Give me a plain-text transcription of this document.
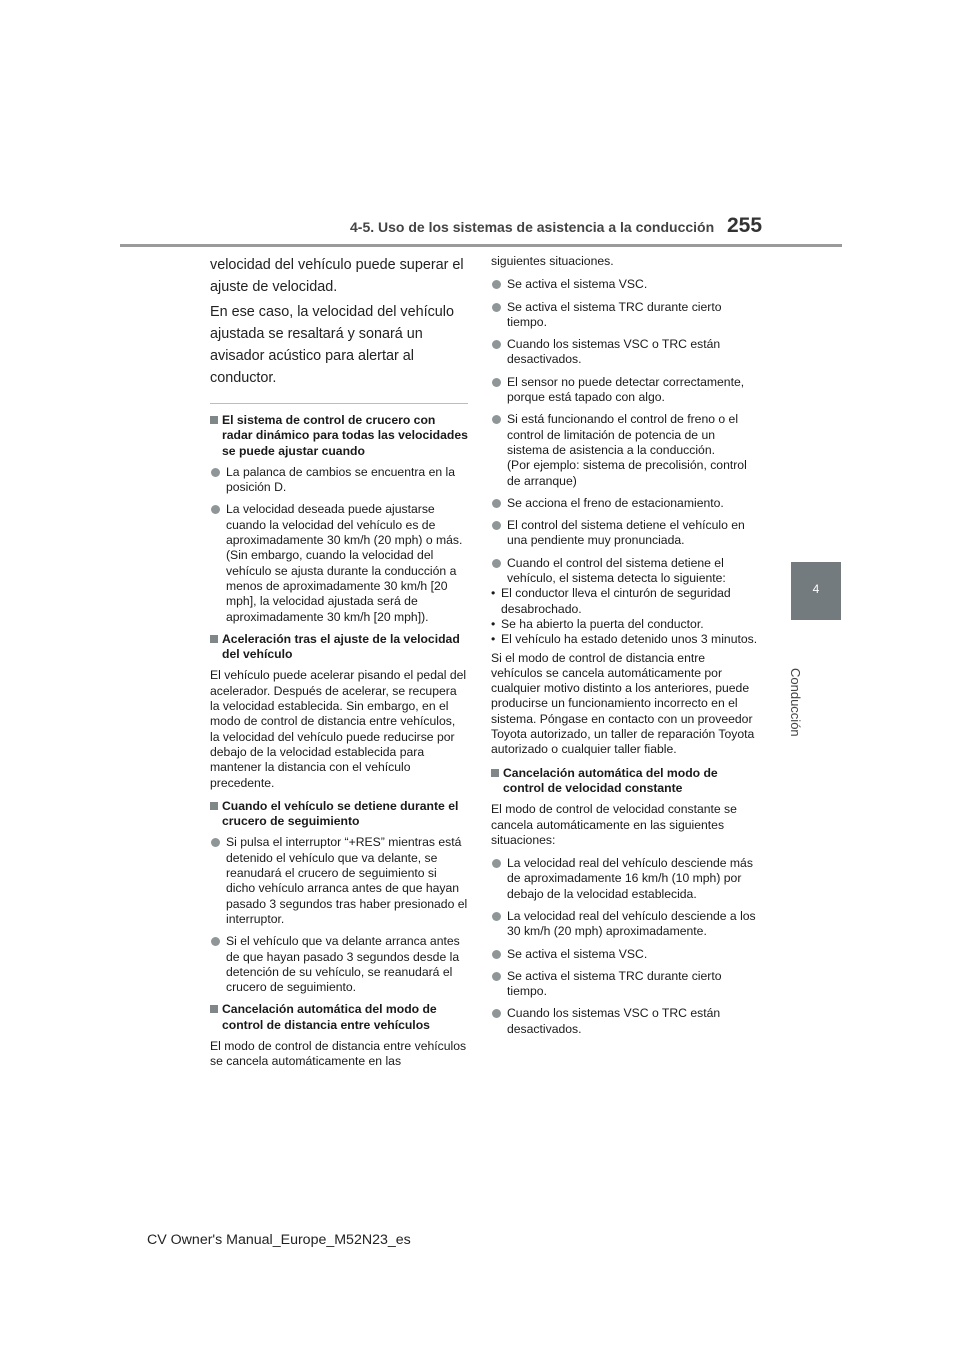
255
4-5. Uso de los sistemas de asistencia a la conducción
4
Conducción

velocidad del vehículo puede superar el ajuste de velocidad.

En ese caso, la velocidad del vehículo ajustada se resaltará y sonará un avisador acústico para alertar al conductor.

El sistema de control de crucero con radar dinámico para todas las velocidades se puede ajustar cuando
La palanca de cambios se encuentra en la posición D.
La velocidad deseada puede ajustarse cuando la velocidad del vehículo es de aproximadamente 30 km/h (20 mph) o más.
(Sin embargo, cuando la velocidad del vehículo se ajusta durante la conducción a menos de aproximadamente 30 km/h [20 mph], la velocidad ajustada será de aproximadamente 30 km/h [20 mph]).
Aceleración tras el ajuste de la velocidad del vehículo

El vehículo puede acelerar pisando el pedal del acelerador. Después de acelerar, se recupera la velocidad establecida. Sin embargo, en el modo de control de distancia entre vehículos, la velocidad del vehículo puede reducirse por debajo de la velocidad establecida para mantener la distancia con el vehículo precedente.

Cuando el vehículo se detiene durante el crucero de seguimiento
Si pulsa el interruptor “+RES” mientras está detenido el vehículo que va delante, se reanudará el crucero de seguimiento si dicho vehículo arranca antes de que hayan pasado 3 segundos tras haber presionado el interruptor.
Si el vehículo que va delante arranca antes de que hayan pasado 3 segundos desde la detención de su vehículo, se reanudará el crucero de seguimiento.
Cancelación automática del modo de control de distancia entre vehículos

El modo de control de distancia entre vehículos se cancela automáticamente en las

siguientes situaciones.

Se activa el sistema VSC.
Se activa el sistema TRC durante cierto tiempo.
Cuando los sistemas VSC o TRC están desactivados.
El sensor no puede detectar correctamente, porque está tapado con algo.
Si está funcionando el control de freno o el control de limitación de potencia de un sistema de asistencia a la conducción.
(Por ejemplo: sistema de precolisión, control de arranque)
Se acciona el freno de estacionamiento.
El control del sistema detiene el vehículo en una pendiente muy pronunciada.
Cuando el control del sistema detiene el vehículo, el sistema detecta lo siguiente:
• El conductor lleva el cinturón de seguridad desabrochado.
• Se ha abierto la puerta del conductor.
• El vehículo ha estado detenido unos 3 minutos.

Si el modo de control de distancia entre vehículos se cancela automáticamente por cualquier motivo distinto a los anteriores, puede producirse un funcionamiento incorrecto en el sistema. Póngase en contacto con un proveedor Toyota autorizado, un taller de reparación Toyota autorizado o cualquier taller fiable.

Cancelación automática del modo de control de velocidad constante

El modo de control de velocidad constante se cancela automáticamente en las siguientes situaciones:

La velocidad real del vehículo desciende más de aproximadamente 16 km/h (10 mph) por debajo de la velocidad establecida.
La velocidad real del vehículo desciende a los 30 km/h (20 mph) aproximadamente.
Se activa el sistema VSC.
Se activa el sistema TRC durante cierto tiempo.
Cuando los sistemas VSC o TRC están desactivados.
CV Owner's Manual_Europe_M52N23_es
